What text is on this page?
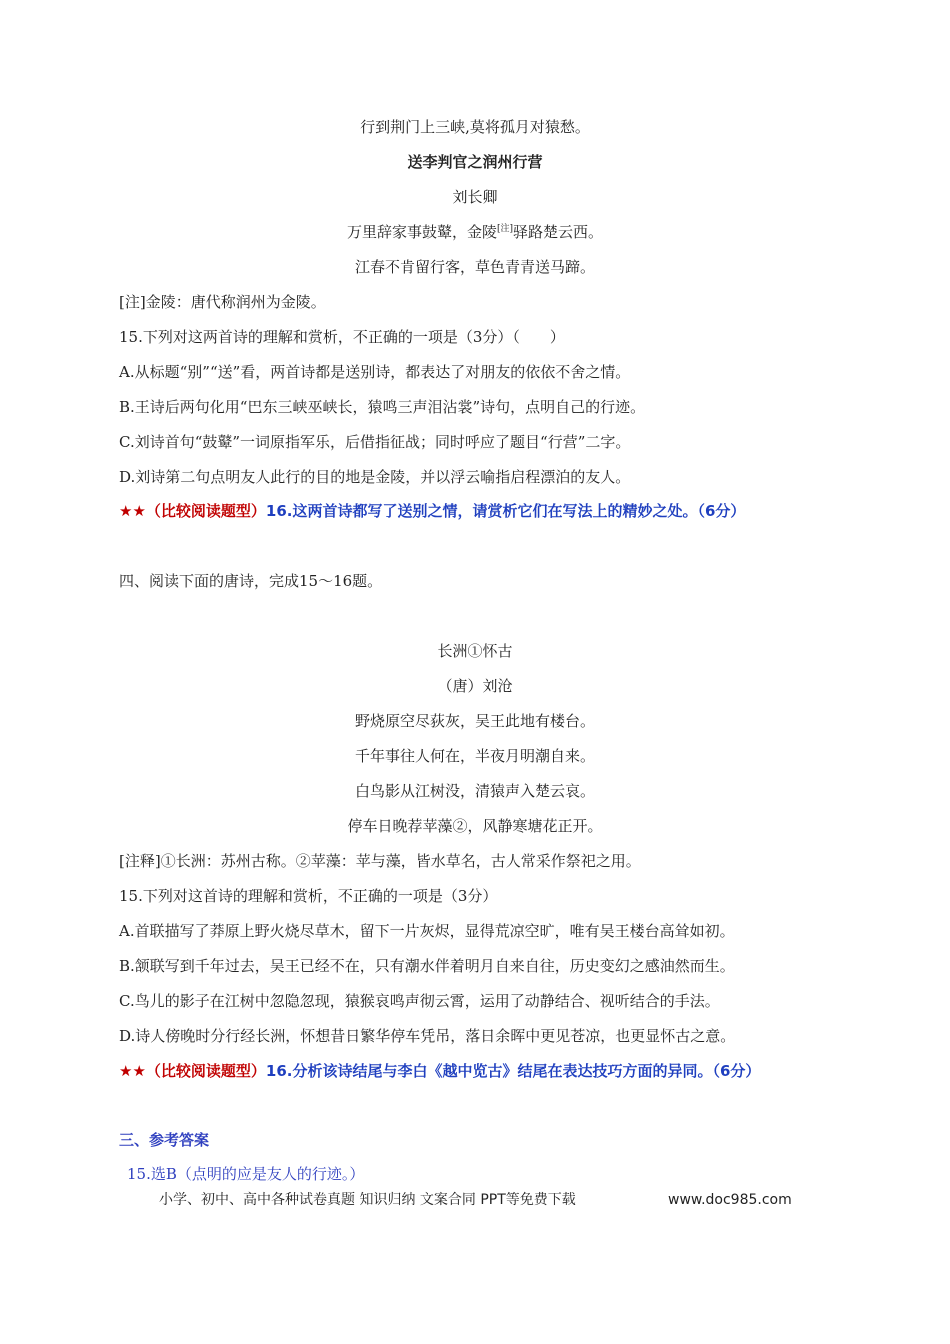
行到荆门上三峡,莫将孤月对猿愁。
送李判官之润州行营
刘长卿
万里辞家事鼓鼙，金陵[注]驿路楚云西。
江春不肯留行客，草色青青送马蹄。
[注]金陵：唐代称润州为金陵。
15.下列对这两首诗的理解和赏析，不正确的一项是（3分）（　　）
A.从标题“别”“送”看，两首诗都是送别诗，都表达了对朋友的依依不舍之情。
B.王诗后两句化用“巴东三峡巫峡长，猿鸣三声泪沾裳”诗句，点明自己的行迹。
C.刘诗首句“鼓鼙”一词原指军乐，后借指征战；同时呼应了题目“行营”二字。
D.刘诗第二句点明友人此行的目的地是金陵，并以浮云喻指启程漂泊的友人。
★★（比较阅读题型）16.这两首诗都写了送别之情，请赏析它们在写法上的精妙之处。（6分）
四、阅读下面的唐诗，完成15～16题。
长洲①怀古
（唐）刘沧
野烧原空尽荻灰，吴王此地有楼台。
千年事往人何在，半夜月明潮自来。
白鸟影从江树没，清猿声入楚云哀。
停车日晚荐苹藻②，风静寒塘花正开。
[注释]①长洲：苏州古称。②苹藻：苹与藻，皆水草名，古人常采作祭祀之用。
15.下列对这首诗的理解和赏析，不正确的一项是（3分）
A.首联描写了莽原上野火烧尽草木，留下一片灰烬，显得荒凉空旷，唯有吴王楼台高耸如初。
B.颔联写到千年过去，吴王已经不在，只有潮水伴着明月自来自往，历史变幻之感油然而生。
C.鸟儿的影子在江树中忽隐忽现，猿猴哀鸣声彻云霄，运用了动静结合、视听结合的手法。
D.诗人傍晚时分行经长洲，怀想昔日繁华停车凭吊，落日余晖中更见苍凉，也更显怀古之意。
★★（比较阅读题型）16.分析该诗结尾与李白《越中览古》结尾在表达技巧方面的异同。（6分）
三、参考答案
15.选B（点明的应是友人的行迹。）
小学、初中、高中各种试卷真题 知识归纳 文案合同 PPT等免费下载	www.doc985.com
